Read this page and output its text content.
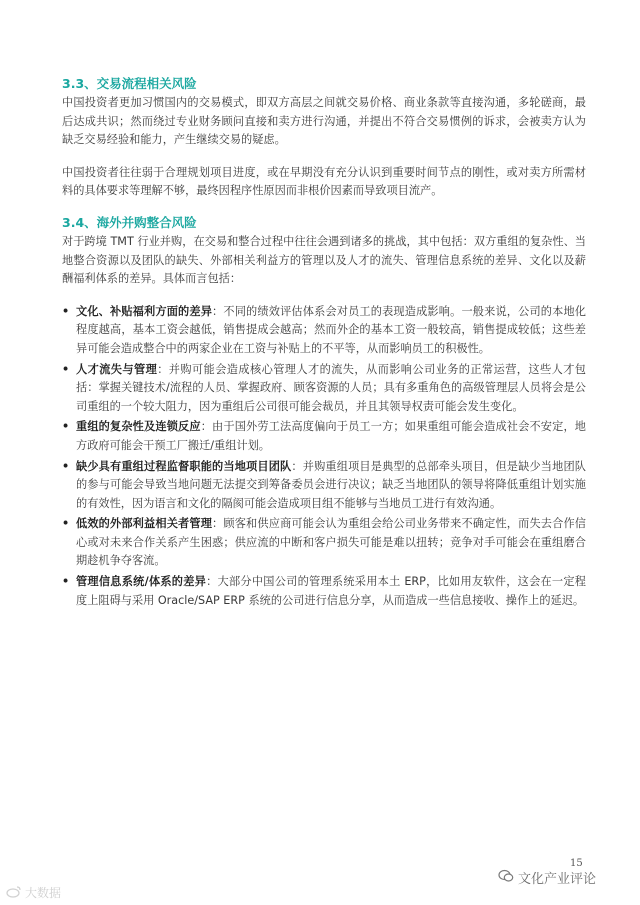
3.3、交易流程相关风险

中国投资者更加习惯国内的交易模式，即双方高层之间就交易价格、商业条款等直接沟通，多轮磋商，最后达成共识；然而绕过专业财务顾问直接和卖方进行沟通，并提出不符合交易惯例的诉求，会被卖方认为缺乏交易经验和能力，产生继续交易的疑虑。

中国投资者往往弱于合理规划项目进度，或在早期没有充分认识到重要时间节点的刚性，或对卖方所需材料的具体要求等理解不够，最终因程序性原因而非根价因素而导致项目流产。

3.4、海外并购整合风险

对于跨境 TMT 行业并购，在交易和整合过程中往往会遇到诸多的挑战，其中包括：双方重组的复杂性、当地整合资源以及团队的缺失、外部相关利益方的管理以及人才的流失、管理信息系统的差异、文化以及薪酬福利体系的差异。具体而言包括：

• 文化、补贴福利方面的差异：不同的绩效评估体系会对员工的表现造成影响。一般来说，公司的本地化程度越高，基本工资会越低，销售提成会越高；然而外企的基本工资一般较高，销售提成较低；这些差异可能会造成整合中的两家企业在工资与补贴上的不平等，从而影响员工的积极性。
• 人才流失与管理：并购可能会造成核心管理人才的流失，从而影响公司业务的正常运营，这些人才包括：掌握关键技术/流程的人员、掌握政府、顾客资源的人员；具有多重角色的高级管理层人员将会是公司重组的一个较大阻力，因为重组后公司很可能会裁员，并且其领导权责可能会发生变化。
• 重组的复杂性及连锁反应：由于国外劳工法高度偏向于员工一方；如果重组可能会造成社会不安定，地方政府可能会干预工厂搬迁/重组计划。
• 缺少具有重组过程监督职能的当地项目团队：并购重组项目是典型的总部牵头项目，但是缺少当地团队的参与可能会导致当地问题无法提交到筹备委员会进行决议；缺乏当地团队的领导将降低重组计划实施的有效性，因为语言和文化的隔阂可能会造成项目组不能够与当地员工进行有效沟通。
• 低效的外部利益相关者管理：顾客和供应商可能会认为重组会给公司业务带来不确定性，而失去合作信心或对未来合作关系产生困惑；供应流的中断和客户损失可能是难以扭转；竞争对手可能会在重组磨合期趁机争夺客流。
• 管理信息系统/体系的差异：大部分中国公司的管理系统采用本土 ERP，比如用友软件，这会在一定程度上阻碍与采用 Oracle/SAP ERP 系统的公司进行信息分享，从而造成一些信息接收、操作上的延迟。
15
文化产业评论
大数据
